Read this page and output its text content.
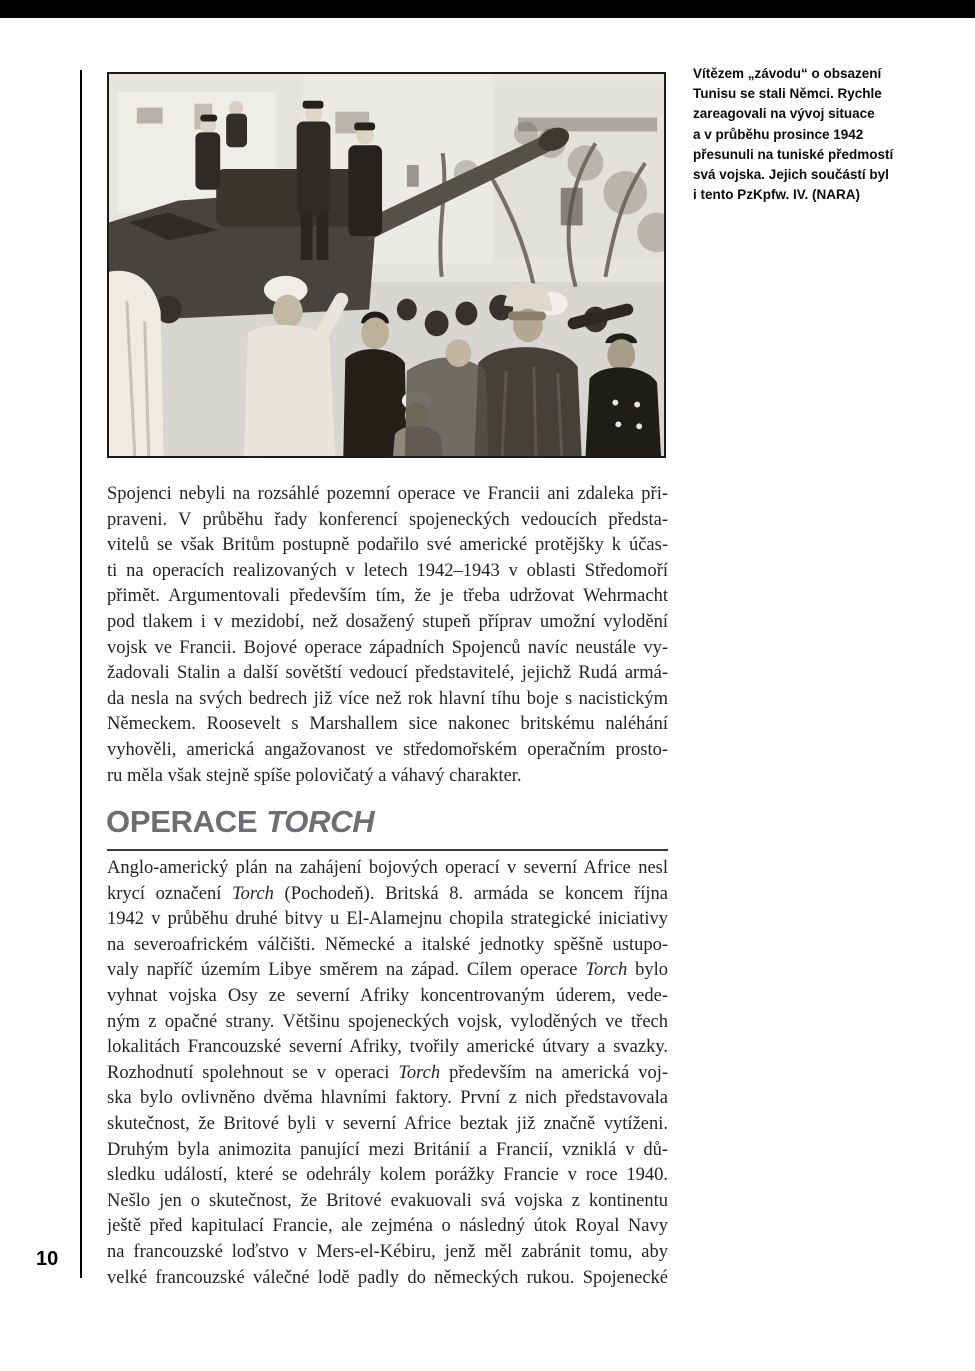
Vítězem „závodu“ o obsazení
Tunisu se stali Němci. Rychle
zareagovali na vývoj situace
a v průběhu prosince 1942
přesunuli na tuniské předmostí
svá vojska. Jejich součástí byl
i tento PzKpfw. IV. (NARA)
Spojenci nebyli na rozsáhlé pozemní operace ve Francii ani zdaleka při-
praveni. V průběhu řady konferencí spojeneckých vedoucích předsta-
vitelů se však Britům postupně podařilo své americké protějšky k účas-
ti na operacích realizovaných v letech 1942–1943 v oblasti Středomoří
přimět. Argumentovali především tím, že je třeba udržovat Wehrmacht
pod tlakem i v mezidobí, než dosažený stupeň příprav umožní vylodění
vojsk ve Francii. Bojové operace západních Spojenců navíc neustále vy-
žadovali Stalin a další sovětští vedoucí představitelé, jejichž Rudá armá-
da nesla na svých bedrech již více než rok hlavní tíhu boje s nacistickým
Německem. Roosevelt s Marshallem sice nakonec britskému naléhání
vyhověli, americká angažovanost ve středomořském operačním prosto-
ru měla však stejně spíše polovičatý a váhavý charakter.
OPERACE TORCH
Anglo-americký plán na zahájení bojových operací v severní Africe nesl
krycí označení Torch (Pochodeň). Britská 8. armáda se koncem října
1942 v průběhu druhé bitvy u El-Alamejnu chopila strategické iniciativy
na severoafrickém válčišti. Německé a italské jednotky spěšně ustupo-
valy napříč územím Libye směrem na západ. Cílem operace Torch bylo
vyhnat vojska Osy ze severní Afriky koncentrovaným úderem, vede-
ným z opačné strany. Většinu spojeneckých vojsk, vyloděných ve třech
lokalitách Francouzské severní Afriky, tvořily americké útvary a svazky.
Rozhodnutí spolehnout se v operaci Torch především na americká voj-
ska bylo ovlivněno dvěma hlavními faktory. První z nich představovala
skutečnost, že Britové byli v severní Africe beztak již značně vytíženi.
Druhým byla animozita panující mezi Británií a Francií, vzniklá v dů-
sledku událostí, které se odehrály kolem porážky Francie v roce 1940.
Nešlo jen o skutečnost, že Britové evakuovali svá vojska z kontinentu
ještě před kapitulací Francie, ale zejména o následný útok Royal Navy
na francouzské loďstvo v Mers-el-Kébiru, jenž měl zabránit tomu, aby
velké francouzské válečné lodě padly do německých rukou. Spojenecké
10
